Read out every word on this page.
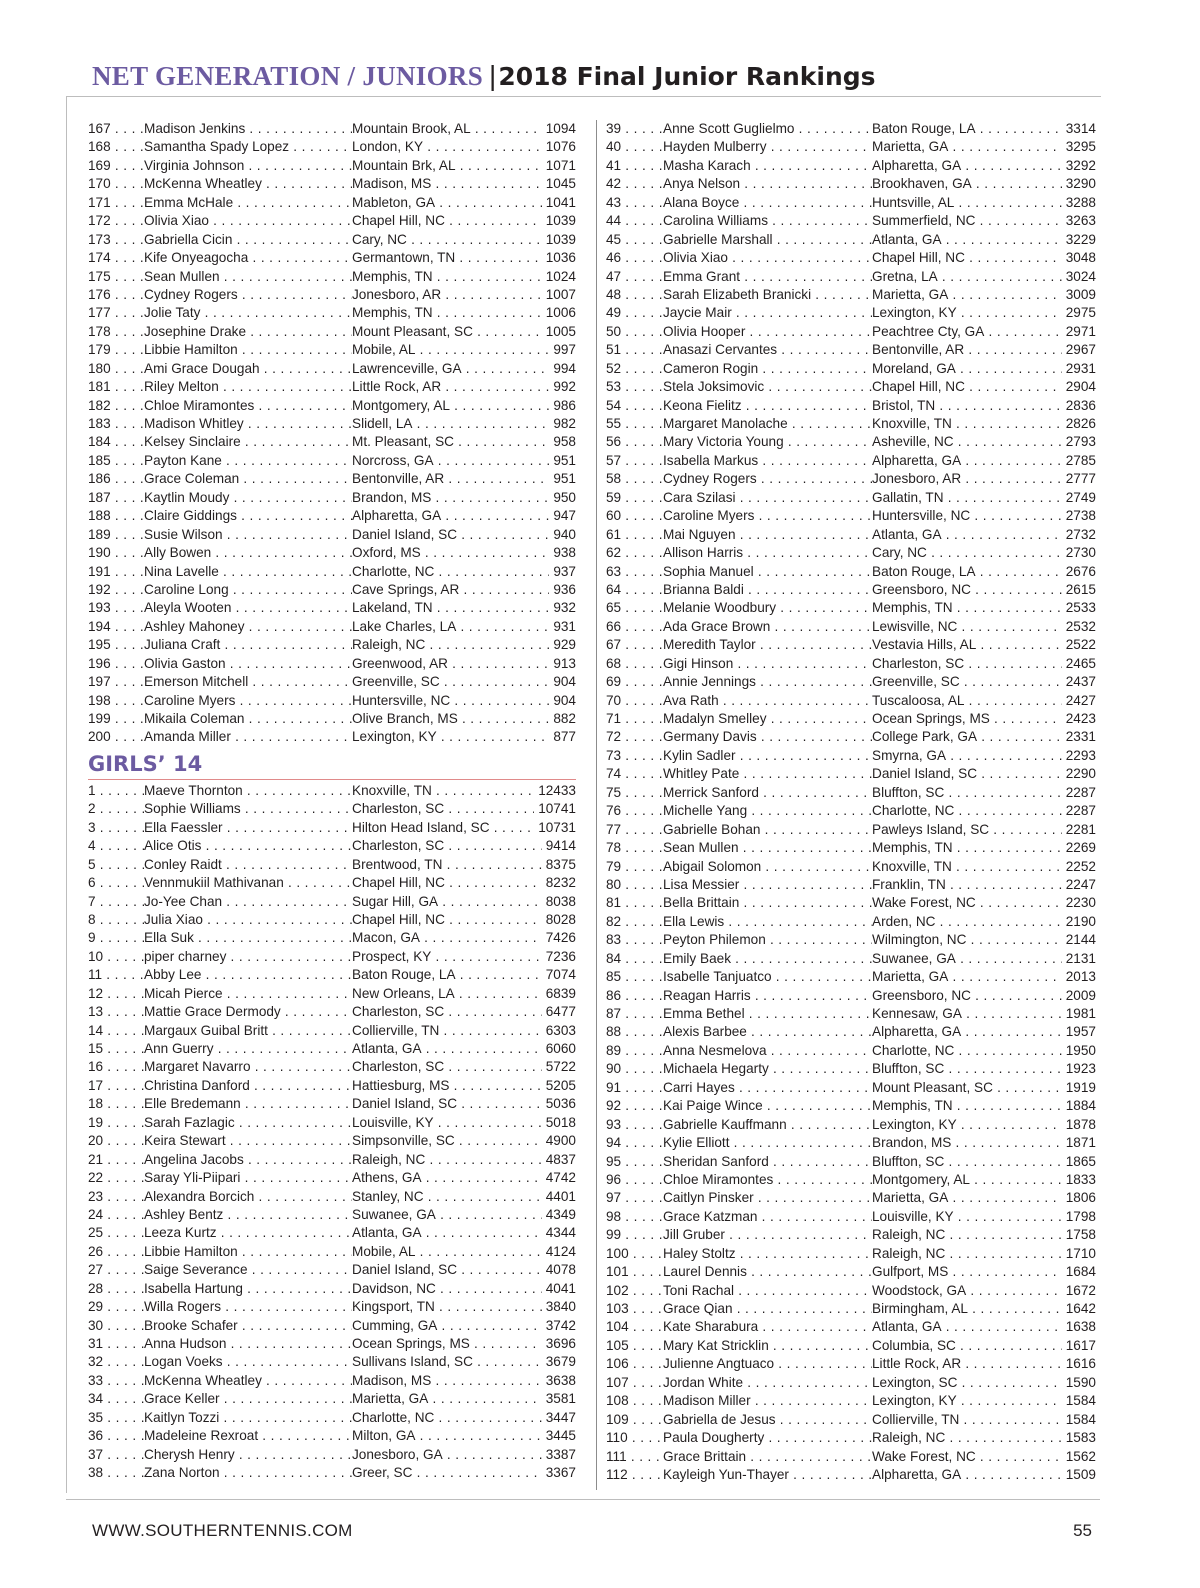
NET GENERATION / JUNIORS |2018 Final Junior Rankings
167 . . .	Madison Jenkins . . .	Mountain Brook, AL . . .	1094
168 . . .	Samantha Spady Lopez . . .	London, KY . . .	1076
169 . . .	Virginia Johnson . . .	Mountain Brk, AL . . .	1071
170 . . .	McKenna Wheatley . . .	Madison, MS . . .	1045
171 . . .	Emma McHale . . .	Mableton, GA . . .	1041
172 . . .	Olivia Xiao . . .	Chapel Hill, NC . . .	1039
173 . . .	Gabriella Cicin . . .	Cary, NC . . .	1039
174 . . .	Kife Onyeagocha . . .	Germantown, TN . . .	1036
175 . . .	Sean Mullen . . .	Memphis, TN . . .	1024
176 . . .	Cydney Rogers . . .	Jonesboro, AR . . .	1007
177 . . .	Jolie Taty . . .	Memphis, TN . . .	1006
178 . . .	Josephine Drake . . .	Mount Pleasant, SC . . .	1005
179 . . .	Libbie Hamilton . . .	Mobile, AL . . .	997
180 . . .	Ami Grace Dougah . . .	Lawrenceville, GA . . .	994
181 . . .	Riley Melton . . .	Little Rock, AR . . .	992
182 . . .	Chloe Miramontes . . .	Montgomery, AL . . .	986
183 . . .	Madison Whitley . . .	Slidell, LA . . .	982
184 . . .	Kelsey Sinclaire . . .	Mt. Pleasant, SC . . .	958
185 . . .	Payton Kane . . .	Norcross, GA . . .	951
186 . . .	Grace Coleman . . .	Bentonville, AR . . .	951
187 . . .	Kaytlin Moudy . . .	Brandon, MS . . .	950
188 . . .	Claire Giddings . . .	Alpharetta, GA . . .	947
189 . . .	Susie Wilson . . .	Daniel Island, SC . . .	940
190 . . .	Ally Bowen . . .	Oxford, MS . . .	938
191 . . .	Nina Lavelle . . .	Charlotte, NC . . .	937
192 . . .	Caroline Long . . .	Cave Springs, AR . . .	936
193 . . .	Aleyla Wooten . . .	Lakeland, TN . . .	932
194 . . .	Ashley Mahoney . . .	Lake Charles, LA . . .	931
195 . . .	Juliana Craft . . .	Raleigh, NC . . .	929
196 . . .	Olivia Gaston . . .	Greenwood, AR . . .	913
197 . . .	Emerson Mitchell . . .	Greenville, SC . . .	904
198 . . .	Caroline Myers . . .	Huntersville, NC . . .	904
199 . . .	Mikaila Coleman . . .	Olive Branch, MS . . .	882
200 . . .	Amanda Miller . . .	Lexington, KY . . .	877
GIRLS’ 14
1 . . .	Maeve Thornton . . .	Knoxville, TN . . .	12433
2 . . .	Sophie Williams . . .	Charleston, SC . . .	10741
3 . . .	Ella Faessler . . .	Hilton Head Island, SC . . .	10731
4 . . .	Alice Otis . . .	Charleston, SC . . .	9414
5 . . .	Conley Raidt . . .	Brentwood, TN . . .	8375
6 . . .	Vennmukiil Mathivanan . . .	Chapel Hill, NC . . .	8232
7 . . .	Jo-Yee Chan . . .	Sugar Hill, GA . . .	8038
8 . . .	Julia Xiao . . .	Chapel Hill, NC . . .	8028
9 . . .	Ella Suk . . .	Macon, GA . . .	7426
10 . . .	piper charney . . .	Prospect, KY . . .	7236
11 . . .	Abby Lee . . .	Baton Rouge, LA . . .	7074
12 . . .	Micah Pierce . . .	New Orleans, LA . . .	6839
13 . . .	Mattie Grace Dermody . . .	Charleston, SC . . .	6477
14 . . .	Margaux Guibal Britt . . .	Collierville, TN . . .	6303
15 . . .	Ann Guerry . . .	Atlanta, GA . . .	6060
16 . . .	Margaret Navarro . . .	Charleston, SC . . .	5722
17 . . .	Christina Danford . . .	Hattiesburg, MS . . .	5205
18 . . .	Elle Bredemann . . .	Daniel Island, SC . . .	5036
19 . . .	Sarah Fazlagic . . .	Louisville, KY . . .	5018
20 . . .	Keira Stewart . . .	Simpsonville, SC . . .	4900
21 . . .	Angelina Jacobs . . .	Raleigh, NC . . .	4837
22 . . .	Saray Yli-Piipari . . .	Athens, GA . . .	4742
23 . . .	Alexandra Borcich . . .	Stanley, NC . . .	4401
24 . . .	Ashley Bentz . . .	Suwanee, GA . . .	4349
25 . . .	Leeza Kurtz . . .	Atlanta, GA . . .	4344
26 . . .	Libbie Hamilton . . .	Mobile, AL . . .	4124
27 . . .	Saige Severance . . .	Daniel Island, SC . . .	4078
28 . . .	Isabella Hartung . . .	Davidson, NC . . .	4041
29 . . .	Willa Rogers . . .	Kingsport, TN . . .	3840
30 . . .	Brooke Schafer . . .	Cumming, GA . . .	3742
31 . . .	Anna Hudson . . .	Ocean Springs, MS . . .	3696
32 . . .	Logan Voeks . . .	Sullivans Island, SC . . .	3679
33 . . .	McKenna Wheatley . . .	Madison, MS . . .	3638
34 . . .	Grace Keller . . .	Marietta, GA . . .	3581
35 . . .	Kaitlyn Tozzi . . .	Charlotte, NC . . .	3447
36 . . .	Madeleine Rexroat . . .	Milton, GA . . .	3445
37 . . .	Cherysh Henry . . .	Jonesboro, GA . . .	3387
38 . . .	Zana Norton . . .	Greer, SC . . .	3367
39 . . .	Anne Scott Guglielmo . . .	Baton Rouge, LA . . .	3314
40 . . .	Hayden Mulberry . . .	Marietta, GA . . .	3295
41 . . .	Masha Karach . . .	Alpharetta, GA . . .	3292
42 . . .	Anya Nelson . . .	Brookhaven, GA . . .	3290
43 . . .	Alana Boyce . . .	Huntsville, AL . . .	3288
44 . . .	Carolina Williams . . .	Summerfield, NC . . .	3263
45 . . .	Gabrielle Marshall . . .	Atlanta, GA . . .	3229
46 . . .	Olivia Xiao . . .	Chapel Hill, NC . . .	3048
47 . . .	Emma Grant . . .	Gretna, LA . . .	3024
48 . . .	Sarah Elizabeth Branicki . . .	Marietta, GA . . .	3009
49 . . .	Jaycie Mair . . .	Lexington, KY . . .	2975
50 . . .	Olivia Hooper . . .	Peachtree Cty, GA . . .	2971
51 . . .	Anasazi Cervantes . . .	Bentonville, AR . . .	2967
52 . . .	Cameron Rogin . . .	Moreland, GA . . .	2931
53 . . .	Stela Joksimovic . . .	Chapel Hill, NC . . .	2904
54 . . .	Keona Fielitz . . .	Bristol, TN . . .	2836
55 . . .	Margaret Manolache . . .	Knoxville, TN . . .	2826
56 . . .	Mary Victoria Young . . .	Asheville, NC . . .	2793
57 . . .	Isabella Markus . . .	Alpharetta, GA . . .	2785
58 . . .	Cydney Rogers . . .	Jonesboro, AR . . .	2777
59 . . .	Cara Szilasi . . .	Gallatin, TN . . .	2749
60 . . .	Caroline Myers . . .	Huntersville, NC . . .	2738
61 . . .	Mai Nguyen . . .	Atlanta, GA . . .	2732
62 . . .	Allison Harris . . .	Cary, NC . . .	2730
63 . . .	Sophia Manuel . . .	Baton Rouge, LA . . .	2676
64 . . .	Brianna Baldi . . .	Greensboro, NC . . .	2615
65 . . .	Melanie Woodbury . . .	Memphis, TN . . .	2533
66 . . .	Ada Grace Brown . . .	Lewisville, NC . . .	2532
67 . . .	Meredith Taylor . . .	Vestavia Hills, AL . . .	2522
68 . . .	Gigi Hinson . . .	Charleston, SC . . .	2465
69 . . .	Annie Jennings . . .	Greenville, SC . . .	2437
70 . . .	Ava Rath . . .	Tuscaloosa, AL . . .	2427
71 . . .	Madalyn Smelley . . .	Ocean Springs, MS . . .	2423
72 . . .	Germany Davis . . .	College Park, GA . . .	2331
73 . . .	Kylin Sadler . . .	Smyrna, GA . . .	2293
74 . . .	Whitley Pate . . .	Daniel Island, SC . . .	2290
75 . . .	Merrick Sanford . . .	Bluffton, SC . . .	2287
76 . . .	Michelle Yang . . .	Charlotte, NC . . .	2287
77 . . .	Gabrielle Bohan . . .	Pawleys Island, SC . . .	2281
78 . . .	Sean Mullen . . .	Memphis, TN . . .	2269
79 . . .	Abigail Solomon . . .	Knoxville, TN . . .	2252
80 . . .	Lisa Messier . . .	Franklin, TN . . .	2247
81 . . .	Bella Brittain . . .	Wake Forest, NC . . .	2230
82 . . .	Ella Lewis . . .	Arden, NC . . .	2190
83 . . .	Peyton Philemon . . .	Wilmington, NC . . .	2144
84 . . .	Emily Baek . . .	Suwanee, GA . . .	2131
85 . . .	Isabelle Tanjuatco . . .	Marietta, GA . . .	2013
86 . . .	Reagan Harris . . .	Greensboro, NC . . .	2009
87 . . .	Emma Bethel . . .	Kennesaw, GA . . .	1981
88 . . .	Alexis Barbee . . .	Alpharetta, GA . . .	1957
89 . . .	Anna Nesmelova . . .	Charlotte, NC . . .	1950
90 . . .	Michaela Hegarty . . .	Bluffton, SC . . .	1923
91 . . .	Carri Hayes . . .	Mount Pleasant, SC . . .	1919
92 . . .	Kai Paige Wince . . .	Memphis, TN . . .	1884
93 . . .	Gabrielle Kauffmann . . .	Lexington, KY . . .	1878
94 . . .	Kylie Elliott . . .	Brandon, MS . . .	1871
95 . . .	Sheridan Sanford . . .	Bluffton, SC . . .	1865
96 . . .	Chloe Miramontes . . .	Montgomery, AL . . .	1833
97 . . .	Caitlyn Pinsker . . .	Marietta, GA . . .	1806
98 . . .	Grace Katzman . . .	Louisville, KY . . .	1798
99 . . .	Jill Gruber . . .	Raleigh, NC . . .	1758
100 . . .	Haley Stoltz . . .	Raleigh, NC . . .	1710
101 . . .	Laurel Dennis . . .	Gulfport, MS . . .	1684
102 . . .	Toni Rachal . . .	Woodstock, GA . . .	1672
103 . . .	Grace Qian . . .	Birmingham, AL . . .	1642
104 . . .	Kate Sharabura . . .	Atlanta, GA . . .	1638
105 . . .	Mary Kat Stricklin . . .	Columbia, SC . . .	1617
106 . . .	Julienne Angtuaco . . .	Little Rock, AR . . .	1616
107 . . .	Jordan White . . .	Lexington, SC . . .	1590
108 . . .	Madison Miller . . .	Lexington, KY . . .	1584
109 . . .	Gabriella de Jesus . . .	Collierville, TN . . .	1584
110 . . .	Paula Dougherty . . .	Raleigh, NC . . .	1583
111 . . .	Grace Brittain . . .	Wake Forest, NC . . .	1562
112 . . .	Kayleigh Yun-Thayer . . .	Alpharetta, GA . . .	1509
WWW.SOUTHERNTENNIS.COM	55
